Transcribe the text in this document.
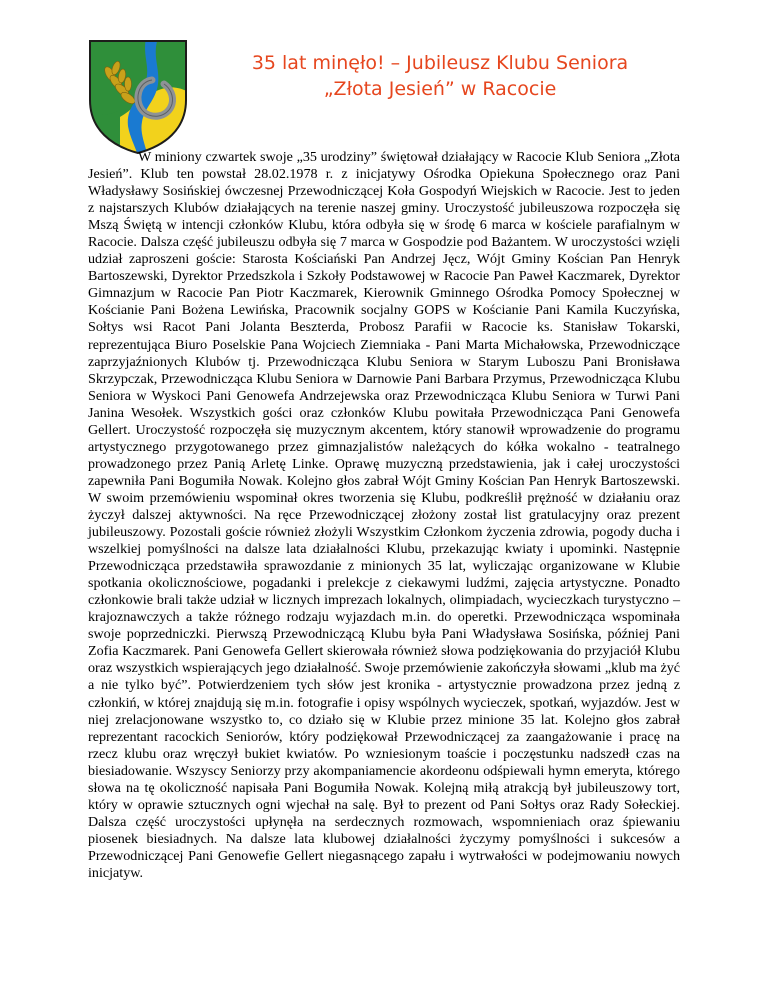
35 lat minęło! – Jubileusz Klubu Seniora
„Złota Jesień” w Racocie

W miniony czwartek swoje „35 urodziny” świętował działający w Racocie Klub Seniora „Złota Jesień”. Klub ten powstał 28.02.1978 r. z inicjatywy Ośrodka Opiekuna Społecznego oraz Pani Władysławy Sosińskiej ówczesnej Przewodniczącej Koła Gospodyń Wiejskich w Racocie. Jest to jeden z najstarszych Klubów działających na terenie naszej gminy. Uroczystość jubileuszowa rozpoczęła się Mszą Świętą w intencji członków Klubu, która odbyła się w środę 6 marca w kościele parafialnym w Racocie. Dalsza część jubileuszu odbyła się 7 marca w Gospodzie pod Bażantem. W uroczystości wzięli udział zaproszeni goście: Starosta Kościański Pan Andrzej Jęcz, Wójt Gminy Kościan Pan Henryk Bartoszewski, Dyrektor Przedszkola i Szkoły Podstawowej w Racocie Pan Paweł Kaczmarek, Dyrektor Gimnazjum w Racocie Pan Piotr Kaczmarek, Kierownik Gminnego Ośrodka Pomocy Społecznej w Kościanie Pani Bożena Lewińska, Pracownik socjalny GOPS w Kościanie Pani Kamila Kuczyńska, Sołtys wsi Racot Pani Jolanta Beszterda, Probosz Parafii w Racocie ks. Stanisław Tokarski, reprezentująca Biuro Poselskie Pana Wojciech Ziemniaka - Pani Marta Michałowska, Przewodniczące zaprzyjaźnionych Klubów tj. Przewodnicząca Klubu Seniora w Starym Luboszu Pani Bronisława Skrzypczak, Przewodnicząca Klubu Seniora w Darnowie Pani Barbara Przymus, Przewodnicząca Klubu Seniora w Wyskoci Pani Genowefa Andrzejewska oraz Przewodnicząca Klubu Seniora w Turwi Pani Janina Wesołek. Wszystkich gości oraz członków Klubu powitała Przewodnicząca Pani Genowefa Gellert. Uroczystość rozpoczęła się muzycznym akcentem, który stanowił wprowadzenie do programu artystycznego przygotowanego przez gimnazjalistów należących do kółka wokalno - teatralnego prowadzonego przez Panią Arletę Linke. Oprawę muzyczną przedstawienia, jak i całej uroczystości zapewniła Pani Bogumiła Nowak. Kolejno głos zabrał Wójt Gminy Kościan Pan Henryk Bartoszewski. W swoim przemówieniu wspominał okres tworzenia się Klubu, podkreślił prężność w działaniu oraz życzył dalszej aktywności. Na ręce Przewodniczącej złożony został list gratulacyjny oraz prezent jubileuszowy. Pozostali goście również złożyli Wszystkim Członkom życzenia zdrowia, pogody ducha i wszelkiej pomyślności na dalsze lata działalności Klubu, przekazując kwiaty i upominki. Następnie Przewodnicząca przedstawiła sprawozdanie z minionych 35 lat, wyliczając organizowane w Klubie spotkania okolicznościowe, pogadanki i prelekcje z ciekawymi ludźmi, zajęcia artystyczne. Ponadto członkowie brali także udział w licznych imprezach lokalnych, olimpiadach, wycieczkach turystyczno – krajoznawczych a także różnego rodzaju wyjazdach m.in. do operetki. Przewodnicząca wspominała swoje poprzedniczki. Pierwszą Przewodniczącą Klubu była Pani Władysława Sosińska, później Pani Zofia Kaczmarek. Pani Genowefa Gellert skierowała również słowa podziękowania do przyjaciół Klubu oraz wszystkich wspierających jego działalność. Swoje przemówienie zakończyła słowami „klub ma żyć a nie tylko być”. Potwierdzeniem tych słów jest kronika - artystycznie prowadzona przez jedną z członkiń, w której znajdują się m.in. fotografie i opisy wspólnych wycieczek, spotkań, wyjazdów. Jest w niej zrelacjonowane wszystko to, co działo się w Klubie przez minione 35 lat. Kolejno głos zabrał reprezentant racockich Seniorów, który podziękował Przewodniczącej za zaangażowanie i pracę na rzecz klubu oraz wręczył bukiet kwiatów. Po wzniesionym toaście i poczęstunku nadszedł czas na biesiadowanie. Wszyscy Seniorzy przy akompaniamencie akordeonu odśpiewali hymn emeryta, którego słowa na tę okoliczność napisała Pani Bogumiła Nowak. Kolejną miłą atrakcją był jubileuszowy tort, który w oprawie sztucznych ogni wjechał na salę. Był to prezent od Pani Sołtys oraz Rady Sołeckiej. Dalsza część uroczystości upłynęła na serdecznych rozmowach, wspomnieniach oraz śpiewaniu piosenek biesiadnych. Na dalsze lata klubowej działalności życzymy pomyślności i sukcesów a Przewodniczącej Pani Genowefie Gellert niegasnącego zapału i wytrwałości w podejmowaniu nowych inicjatyw.
